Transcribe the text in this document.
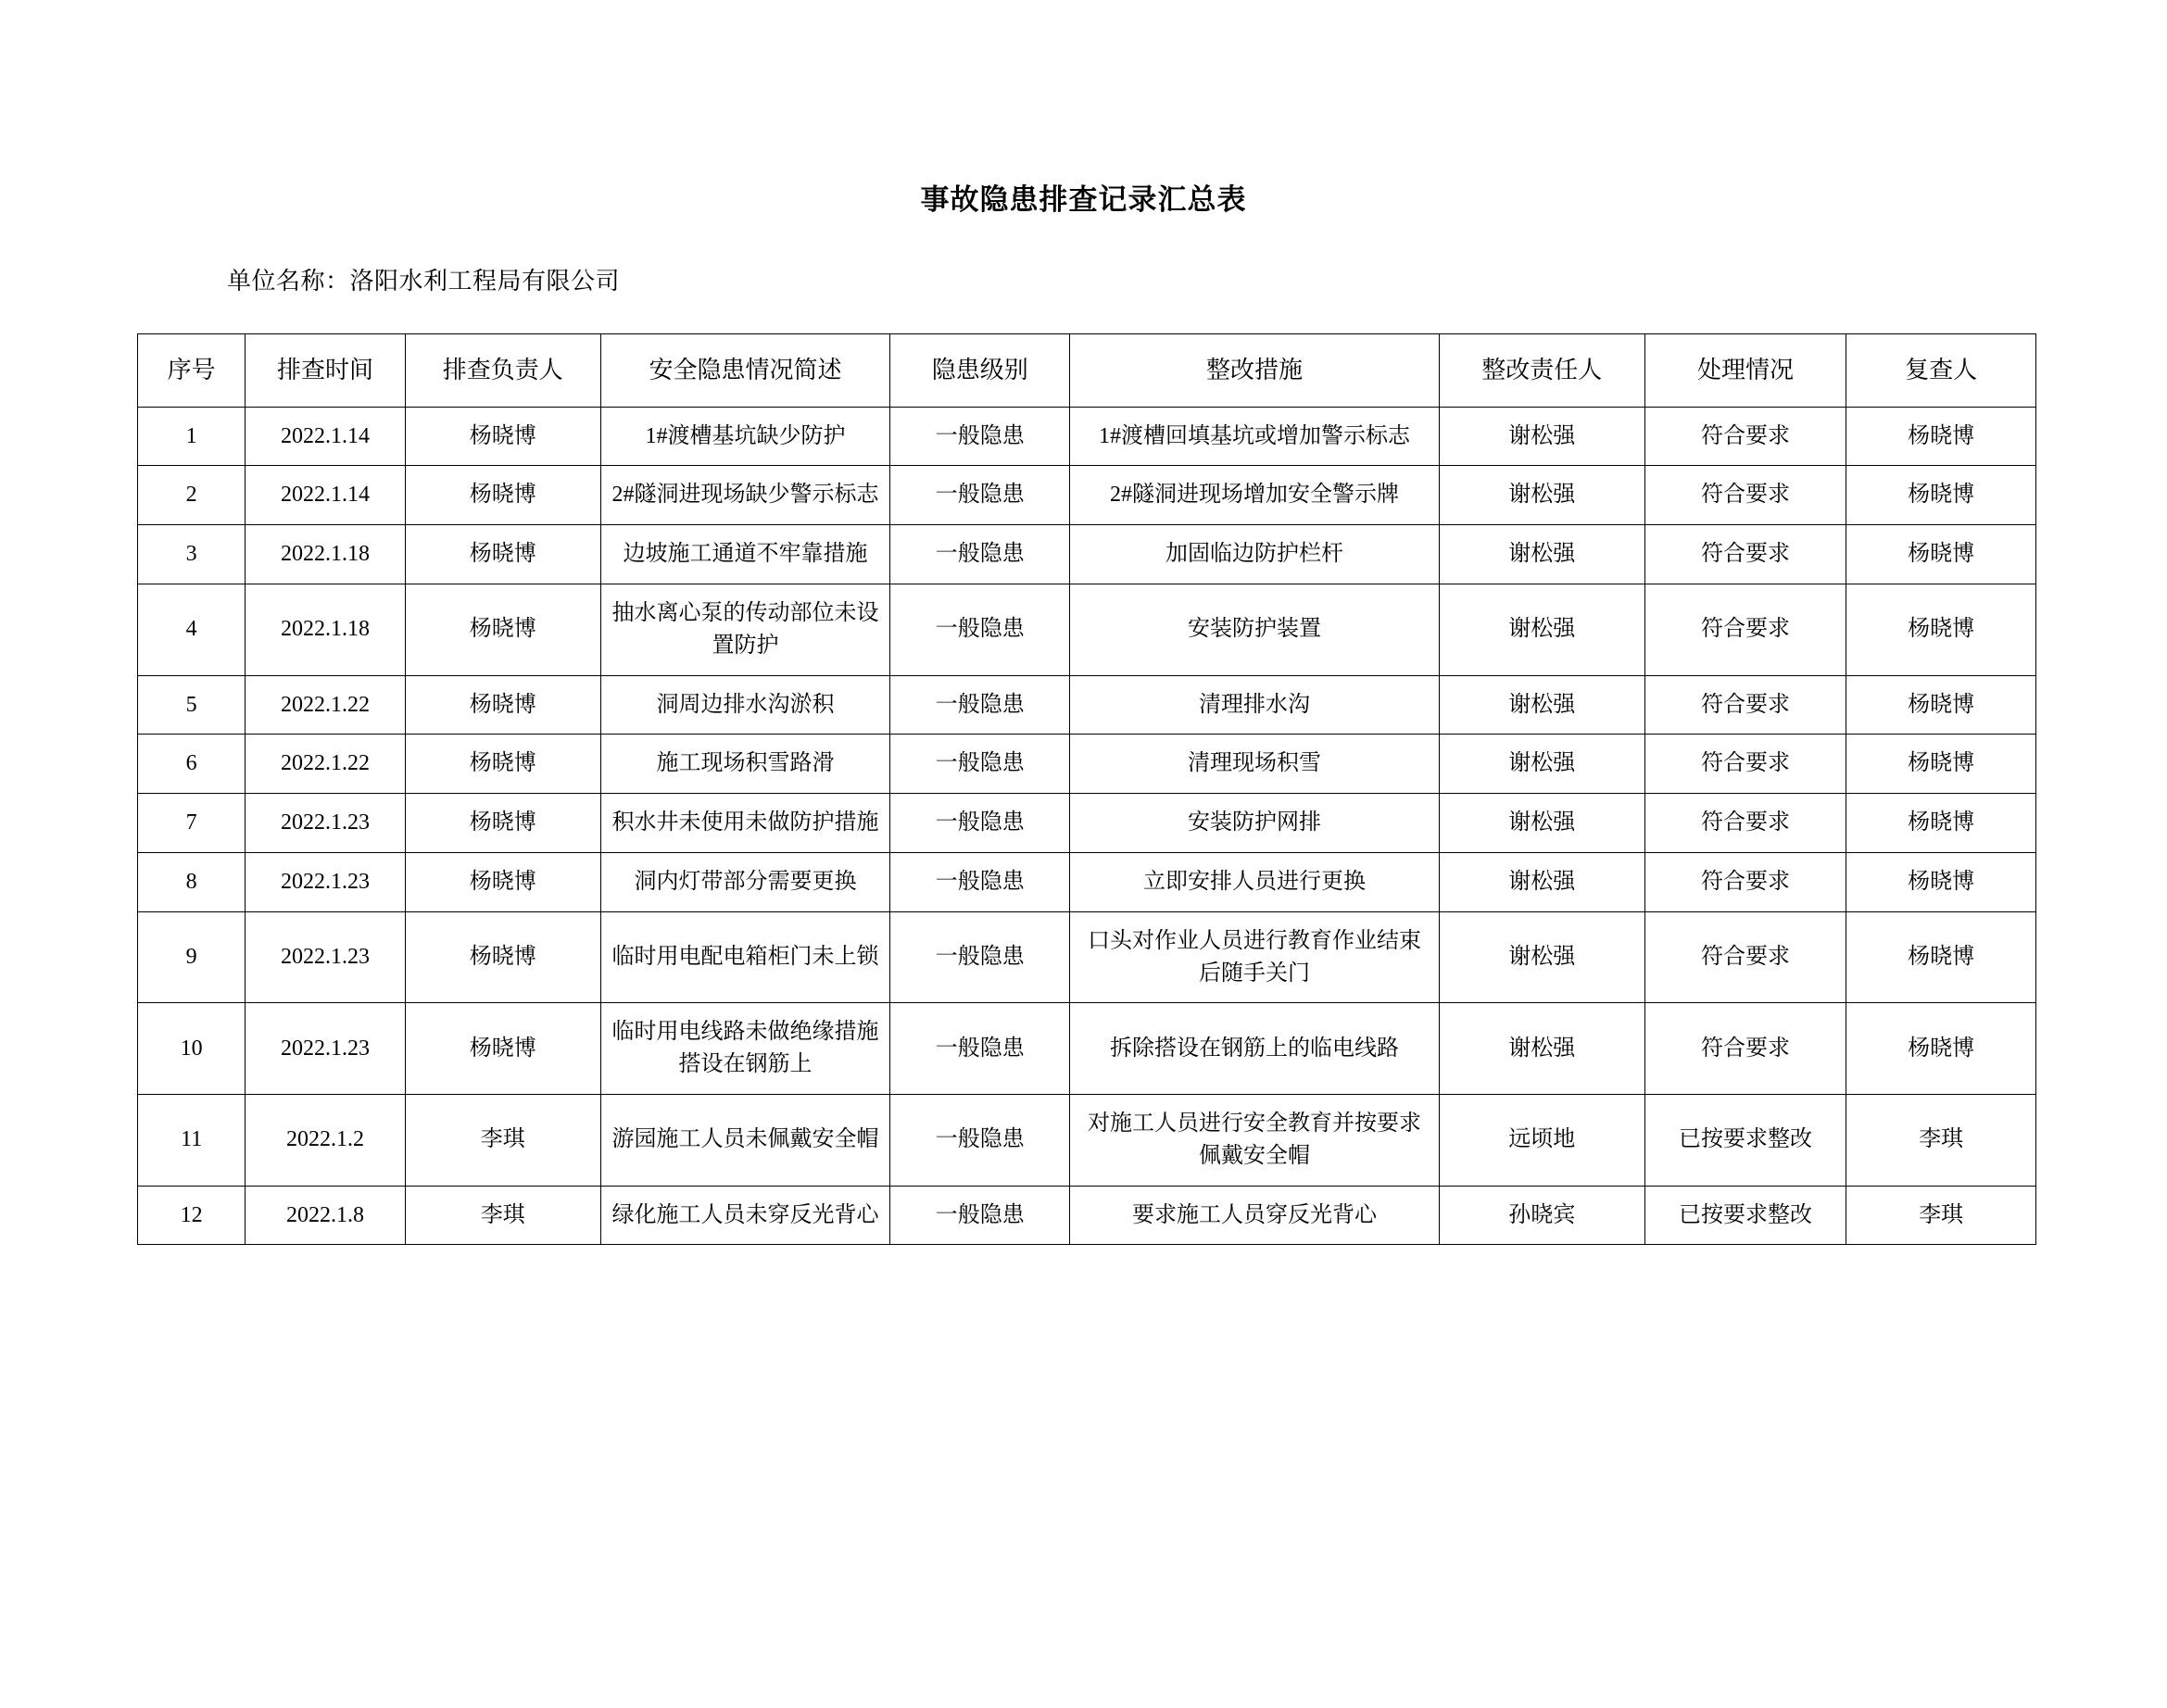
事故隐患排查记录汇总表
单位名称：洛阳水利工程局有限公司
序号	排查时间	排查负责人	安全隐患情况简述	隐患级别	整改措施	整改责任人	处理情况	复查人
1	2022.1.14	杨晓博	1#渡槽基坑缺少防护	一般隐患	1#渡槽回填基坑或增加警示标志	谢松强	符合要求	杨晓博
2	2022.1.14	杨晓博	2#隧洞进现场缺少警示标志	一般隐患	2#隧洞进现场增加安全警示牌	谢松强	符合要求	杨晓博
3	2022.1.18	杨晓博	边坡施工通道不牢靠措施	一般隐患	加固临边防护栏杆	谢松强	符合要求	杨晓博
4	2022.1.18	杨晓博	抽水离心泵的传动部位未设置防护	一般隐患	安装防护装置	谢松强	符合要求	杨晓博
5	2022.1.22	杨晓博	洞周边排水沟淤积	一般隐患	清理排水沟	谢松强	符合要求	杨晓博
6	2022.1.22	杨晓博	施工现场积雪路滑	一般隐患	清理现场积雪	谢松强	符合要求	杨晓博
7	2022.1.23	杨晓博	积水井未使用未做防护措施	一般隐患	安装防护网排	谢松强	符合要求	杨晓博
8	2022.1.23	杨晓博	洞内灯带部分需要更换	一般隐患	立即安排人员进行更换	谢松强	符合要求	杨晓博
9	2022.1.23	杨晓博	临时用电配电箱柜门未上锁	一般隐患	口头对作业人员进行教育作业结束后随手关门	谢松强	符合要求	杨晓博
10	2022.1.23	杨晓博	临时用电线路未做绝缘措施搭设在钢筋上	一般隐患	拆除搭设在钢筋上的临电线路	谢松强	符合要求	杨晓博
11	2022.1.2	李琪	游园施工人员未佩戴安全帽	一般隐患	对施工人员进行安全教育并按要求佩戴安全帽	远顷地	已按要求整改	李琪
12	2022.1.8	李琪	绿化施工人员未穿反光背心	一般隐患	要求施工人员穿反光背心	孙晓宾	已按要求整改	李琪
